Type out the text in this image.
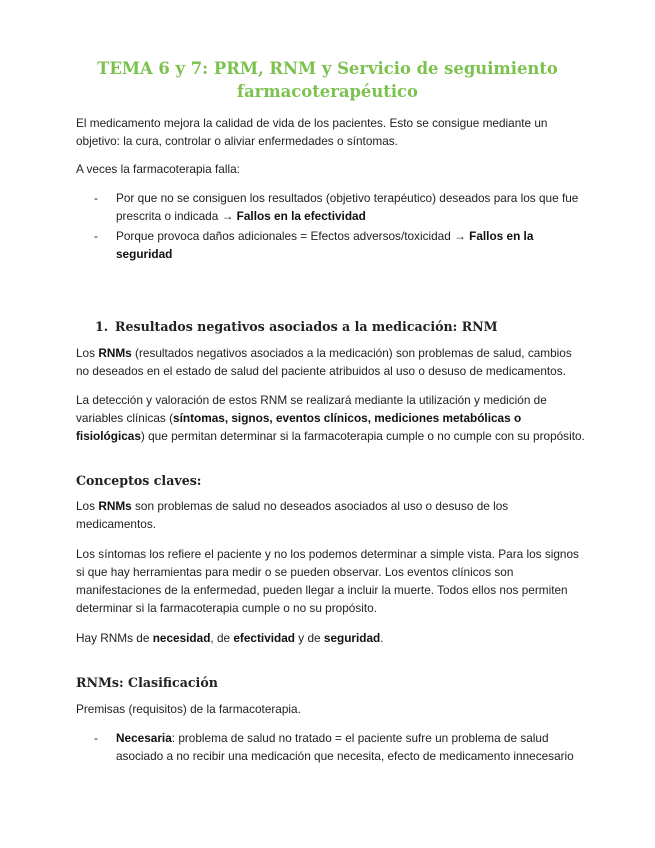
TEMA 6 y 7: PRM, RNM y Servicio de seguimiento farmacoterapéutico

El medicamento mejora la calidad de vida de los pacientes. Esto se consigue mediante un objetivo: la cura, controlar o aliviar enfermedades o síntomas.

A veces la farmacoterapia falla:

- Por que no se consiguen los resultados (objetivo terapéutico) deseados para los que fue prescrita o indicada → Fallos en la efectividad
- Porque provoca daños adicionales = Efectos adversos/toxicidad → Fallos en la seguridad
1. Resultados negativos asociados a la medicación: RNM

Los RNMs (resultados negativos asociados a la medicación) son problemas de salud, cambios no deseados en el estado de salud del paciente atribuidos al uso o desuso de medicamentos.

La detección y valoración de estos RNM se realizará mediante la utilización y medición de variables clínicas (síntomas, signos, eventos clínicos, mediciones metabólicas o fisiológicas) que permitan determinar si la farmacoterapia cumple o no cumple con su propósito.

Conceptos claves:

Los RNMs son problemas de salud no deseados asociados al uso o desuso de los medicamentos.

Los síntomas los refiere el paciente y no los podemos determinar a simple vista. Para los signos si que hay herramientas para medir o se pueden observar. Los eventos clínicos son manifestaciones de la enfermedad, pueden llegar a incluir la muerte. Todos ellos nos permiten determinar si la farmacoterapia cumple o no su propósito.

Hay RNMs de necesidad, de efectividad y de seguridad.

RNMs: Clasificación

Premisas (requisitos) de la farmacoterapia.

- Necesaria: problema de salud no tratado = el paciente sufre un problema de salud asociado a no recibir una medicación que necesita, efecto de medicamento innecesario
